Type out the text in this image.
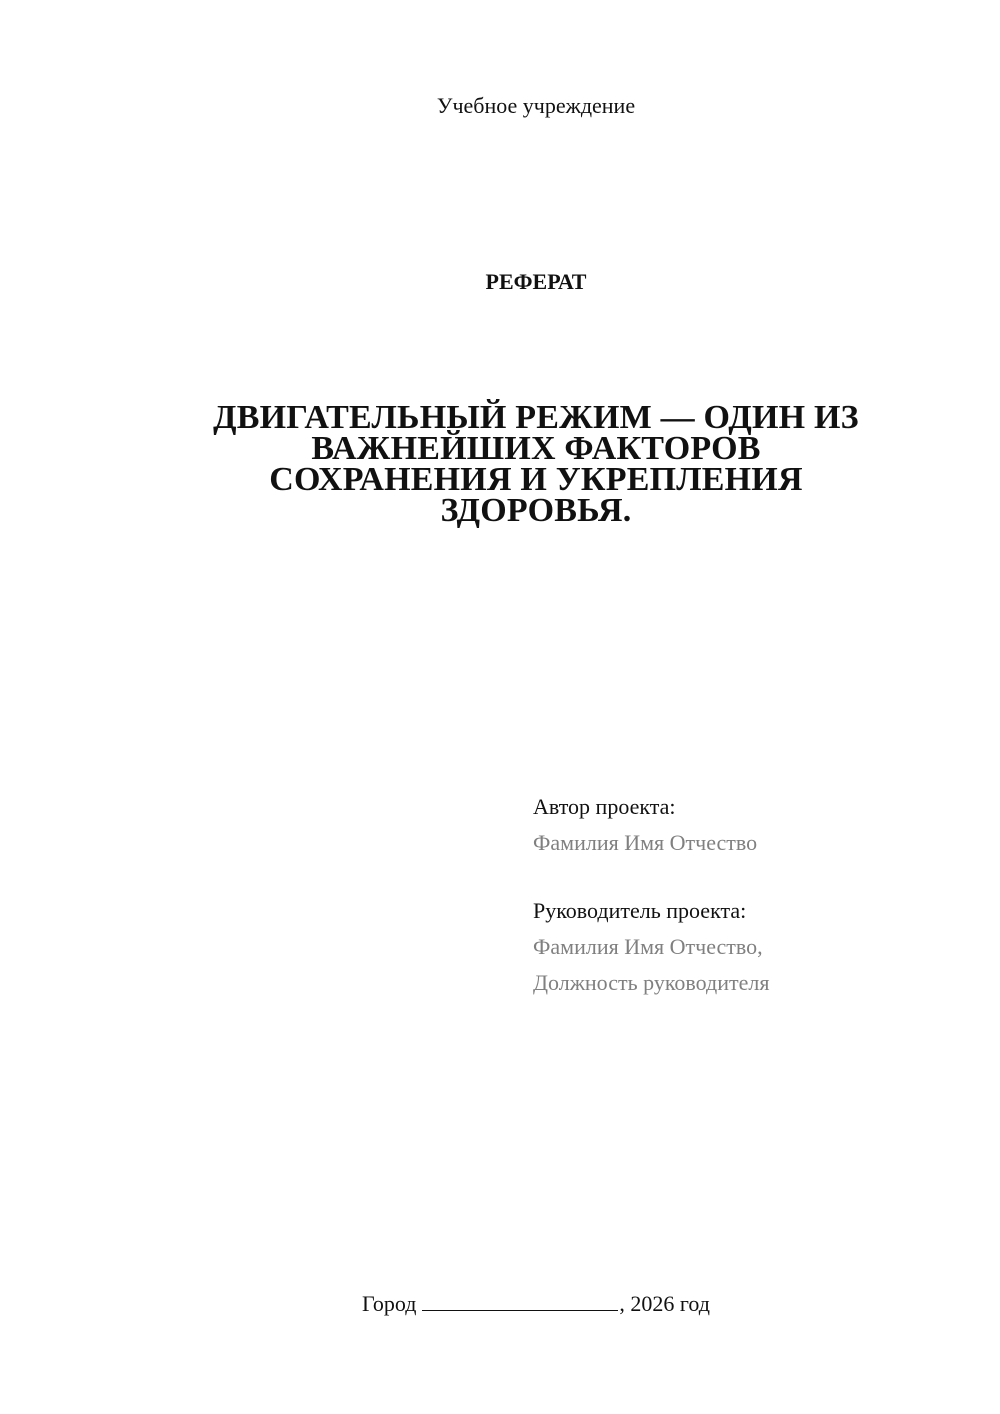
Учебное учреждение
РЕФЕРАТ
ДВИГАТЕЛЬНЫЙ РЕЖИМ — ОДИН ИЗ
ВАЖНЕЙШИХ ФАКТОРОВ
СОХРАНЕНИЯ И УКРЕПЛЕНИЯ
ЗДОРОВЬЯ.
Автор проекта:
Фамилия Имя Отчество
Руководитель проекта:
Фамилия Имя Отчество,
Должность руководителя
Город	, 2026 год
